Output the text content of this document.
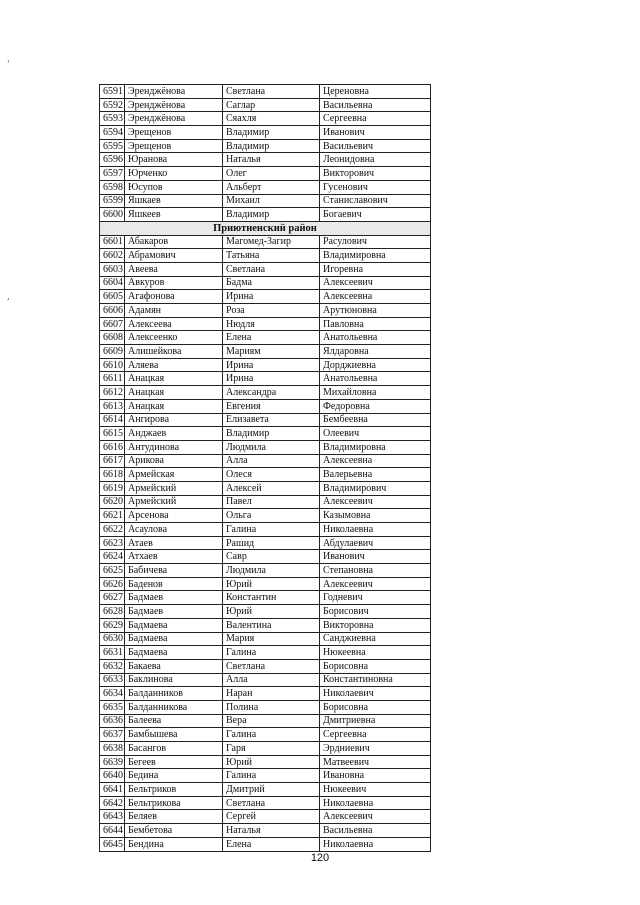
'
,
6591	Эренджёнова	Светлана	Цереновна
6592	Эренджёнова	Саглар	Васильевна
6593	Эренджёнова	Сяахля	Сергеевна
6594	Эрещенов	Владимир	Иванович
6595	Эрещенов	Владимир	Васильевич
6596	Юранова	Наталья	Леонидовна
6597	Юрченко	Олег	Викторович
6598	Юсупов	Альберт	Гусенович
6599	Яшкаев	Михаил	Станиславович
6600	Яшкеев	Владимир	Богаевич
Приютненский район			
6601	Абакаров	Магомед-Загир	Расулович
6602	Абрамович	Татьяна	Владимировна
6603	Авеева	Светлана	Игоревна
6604	Авкуров	Бадма	Алексеевич
6605	Агафонова	Ирина	Алексеевна
6606	Адамян	Роза	Арутюновна
6607	Алексеева	Нюдля	Павловна
6608	Алексеенко	Елена	Анатольевна
6609	Алишейкова	Мариям	Ялдаровна
6610	Аляева	Ирина	Дорджиевна
6611	Анацкая	Ирина	Анатольевна
6612	Анацкая	Александра	Михайловна
6613	Анацкая	Евгения	Федоровна
6614	Ангирова	Елизавета	Бембеевна
6615	Анджаев	Владимир	Олеевич
6616	Антудинова	Людмила	Владимировна
6617	Арикова	Алла	Алексеевна
6618	Армейская	Олеся	Валерьевна
6619	Армейский	Алексей	Владимирович
6620	Армейский	Павел	Алексеевич
6621	Арсенова	Ольга	Казымовна
6622	Асаулова	Галина	Николаевна
6623	Атаев	Рашид	Абдулаевич
6624	Атхаев	Савр	Иванович
6625	Бабичева	Людмила	Степановна
6626	Баденов	Юрий	Алексеевич
6627	Бадмаев	Константин	Годневич
6628	Бадмаев	Юрий	Борисович
6629	Бадмаева	Валентина	Викторовна
6630	Бадмаева	Мария	Санджиевна
6631	Бадмаева	Галина	Нюкеевна
6632	Бакаева	Светлана	Борисовна
6633	Баклинова	Алла	Константиновна
6634	Балданников	Наран	Николаевич
6635	Балданникова	Полина	Борисовна
6636	Балеева	Вера	Дмитриевна
6637	Бамбышева	Галина	Сергеевна
6638	Басангов	Гаря	Эрдниевич
6639	Бегеев	Юрий	Матвеевич
6640	Бедина	Галина	Ивановна
6641	Бельтриков	Дмитрий	Нюкеевич
6642	Бельтрикова	Светлана	Николаевна
6643	Беляев	Сергей	Алексеевич
6644	Бембетова	Наталья	Васильевна
6645	Бендина	Елена	Николаевна
120
